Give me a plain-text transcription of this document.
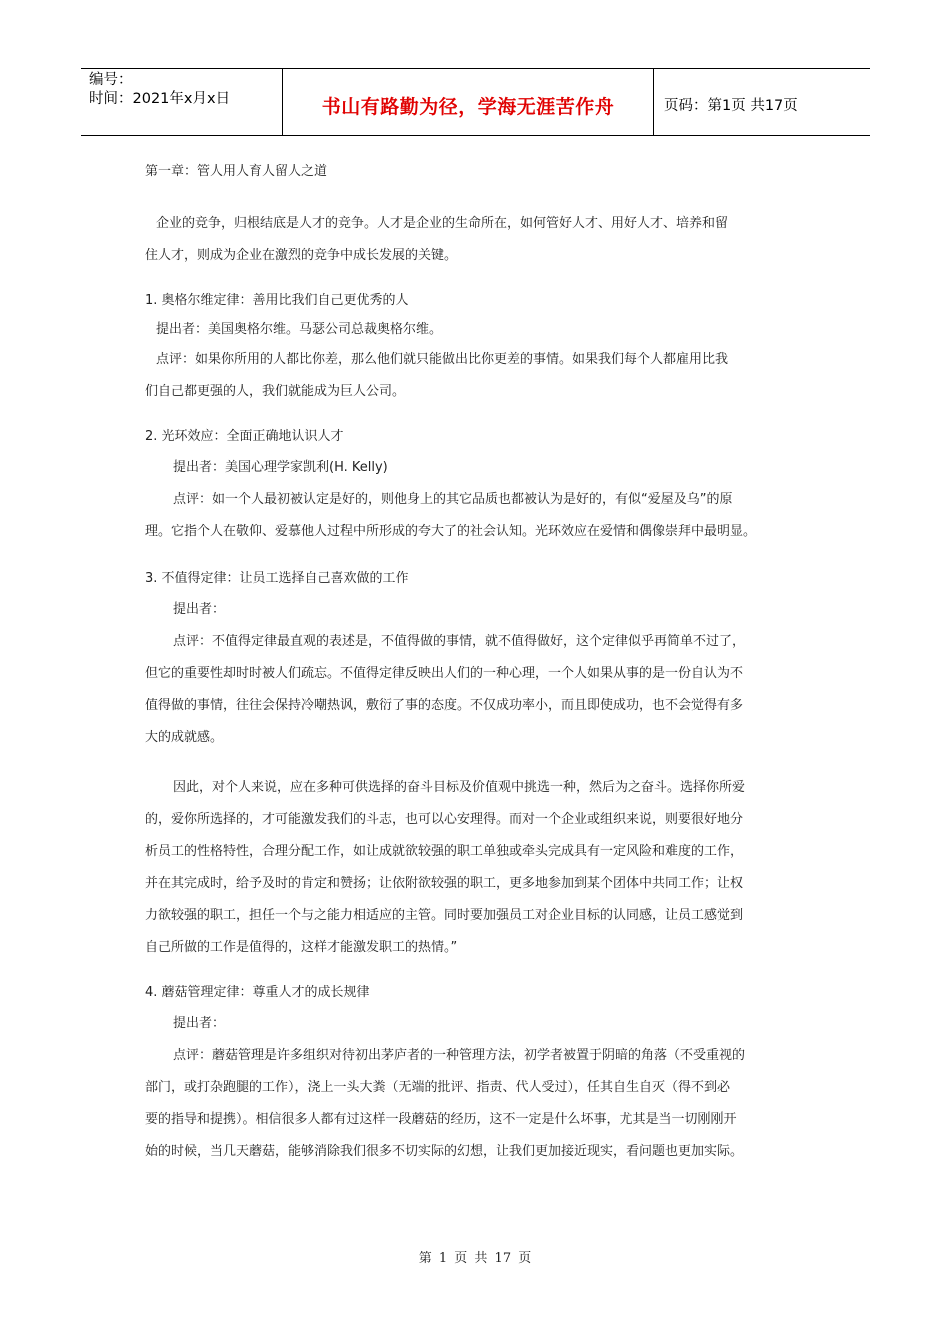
编号：
时间：2021年x月x日	书山有路勤为径，学海无涯苦作舟	页码：第1页 共17页
第一章：管人用人育人留人之道
企业的竞争，归根结底是人才的竞争。人才是企业的生命所在，如何管好人才、用好人才、培养和留
住人才，则成为企业在激烈的竞争中成长发展的关键。
1. 奥格尔维定律：善用比我们自己更优秀的人
提出者：美国奥格尔维。马瑟公司总裁奥格尔维。
点评：如果你所用的人都比你差，那么他们就只能做出比你更差的事情。如果我们每个人都雇用比我
们自己都更强的人，我们就能成为巨人公司。
2. 光环效应：全面正确地认识人才
提出者：美国心理学家凯利(H. Kelly)
点评：如一个人最初被认定是好的，则他身上的其它品质也都被认为是好的，有似“爱屋及乌”的原
理。它指个人在敬仰、爱慕他人过程中所形成的夸大了的社会认知。光环效应在爱情和偶像崇拜中最明显。
3. 不值得定律：让员工选择自己喜欢做的工作
提出者：
点评：不值得定律最直观的表述是，不值得做的事情，就不值得做好，这个定律似乎再简单不过了，
但它的重要性却时时被人们疏忘。不值得定律反映出人们的一种心理，一个人如果从事的是一份自认为不
值得做的事情，往往会保持冷嘲热讽，敷衍了事的态度。不仅成功率小，而且即使成功，也不会觉得有多
大的成就感。
因此，对个人来说，应在多种可供选择的奋斗目标及价值观中挑选一种，然后为之奋斗。选择你所爱
的，爱你所选择的，才可能激发我们的斗志，也可以心安理得。而对一个企业或组织来说，则要很好地分
析员工的性格特性，合理分配工作，如让成就欲较强的职工单独或牵头完成具有一定风险和难度的工作，
并在其完成时，给予及时的肯定和赞扬；让依附欲较强的职工，更多地参加到某个团体中共同工作；让权
力欲较强的职工，担任一个与之能力相适应的主管。同时要加强员工对企业目标的认同感，让员工感觉到
自己所做的工作是值得的，这样才能激发职工的热情。”
4. 蘑菇管理定律：尊重人才的成长规律
提出者：
点评：蘑菇管理是许多组织对待初出茅庐者的一种管理方法，初学者被置于阴暗的角落（不受重视的
部门，或打杂跑腿的工作），浇上一头大粪（无端的批评、指责、代人受过），任其自生自灭（得不到必
要的指导和提携）。相信很多人都有过这样一段蘑菇的经历，这不一定是什么坏事，尤其是当一切刚刚开
始的时候，当几天蘑菇，能够消除我们很多不切实际的幻想，让我们更加接近现实，看问题也更加实际。
第 1 页 共 17 页
